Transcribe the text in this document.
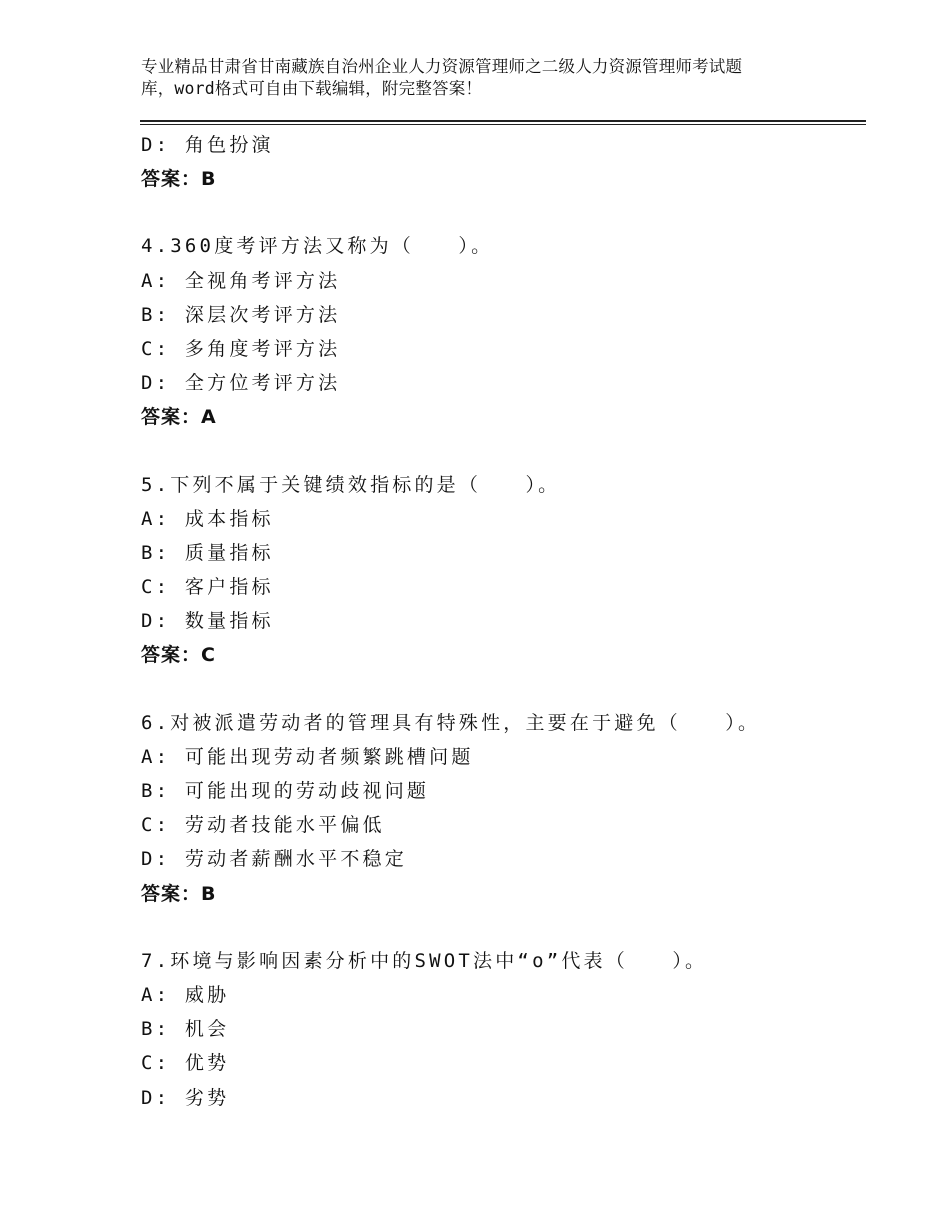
专业精品甘肃省甘南藏族自治州企业人力资源管理师之二级人力资源管理师考试题
库，word格式可自由下载编辑，附完整答案！
D: 角色扮演
答案：B
4.360度考评方法又称为（　　）。
A: 全视角考评方法
B: 深层次考评方法
C: 多角度考评方法
D: 全方位考评方法
答案：A
5.下列不属于关键绩效指标的是（　　）。
A: 成本指标
B: 质量指标
C: 客户指标
D: 数量指标
答案：C
6.对被派遣劳动者的管理具有特殊性，主要在于避免（　　）。
A: 可能出现劳动者频繁跳槽问题
B: 可能出现的劳动歧视问题
C: 劳动者技能水平偏低
D: 劳动者薪酬水平不稳定
答案：B
7.环境与影响因素分析中的SWOT法中“o”代表（　　）。
A: 威胁
B: 机会
C: 优势
D: 劣势
